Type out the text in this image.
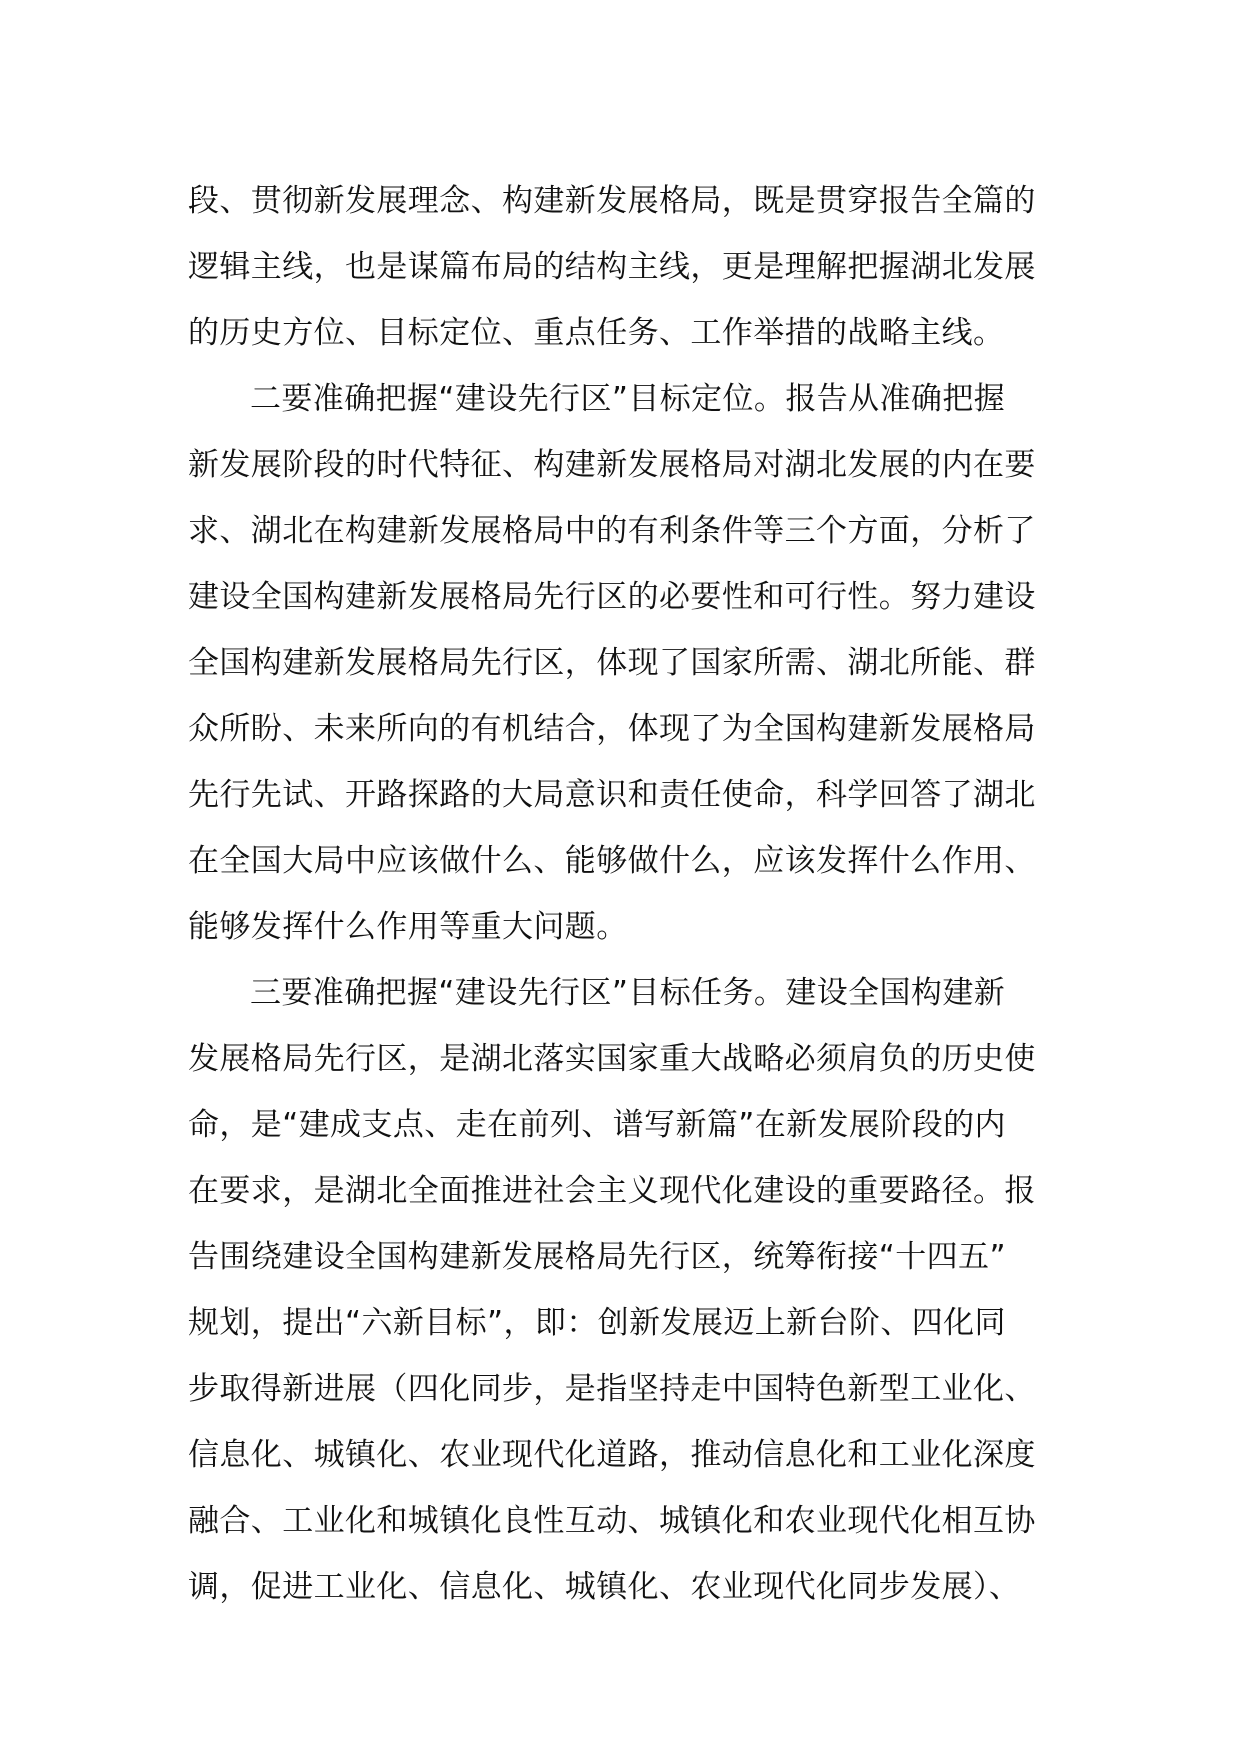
段、贯彻新发展理念、构建新发展格局，既是贯穿报告全篇的
逻辑主线，也是谋篇布局的结构主线，更是理解把握湖北发展
的历史方位、目标定位、重点任务、工作举措的战略主线。
二要准确把握“建设先行区”目标定位。报告从准确把握
新发展阶段的时代特征、构建新发展格局对湖北发展的内在要
求、湖北在构建新发展格局中的有利条件等三个方面，分析了
建设全国构建新发展格局先行区的必要性和可行性。努力建设
全国构建新发展格局先行区，体现了国家所需、湖北所能、群
众所盼、未来所向的有机结合，体现了为全国构建新发展格局
先行先试、开路探路的大局意识和责任使命，科学回答了湖北
在全国大局中应该做什么、能够做什么，应该发挥什么作用、
能够发挥什么作用等重大问题。
三要准确把握“建设先行区”目标任务。建设全国构建新
发展格局先行区，是湖北落实国家重大战略必须肩负的历史使
命，是“建成支点、走在前列、谱写新篇”在新发展阶段的内
在要求，是湖北全面推进社会主义现代化建设的重要路径。报
告围绕建设全国构建新发展格局先行区，统筹衔接“十四五”
规划，提出“六新目标”，即：创新发展迈上新台阶、四化同
步取得新进展（四化同步，是指坚持走中国特色新型工业化、
信息化、城镇化、农业现代化道路，推动信息化和工业化深度
融合、工业化和城镇化良性互动、城镇化和农业现代化相互协
调，促进工业化、信息化、城镇化、农业现代化同步发展）、
